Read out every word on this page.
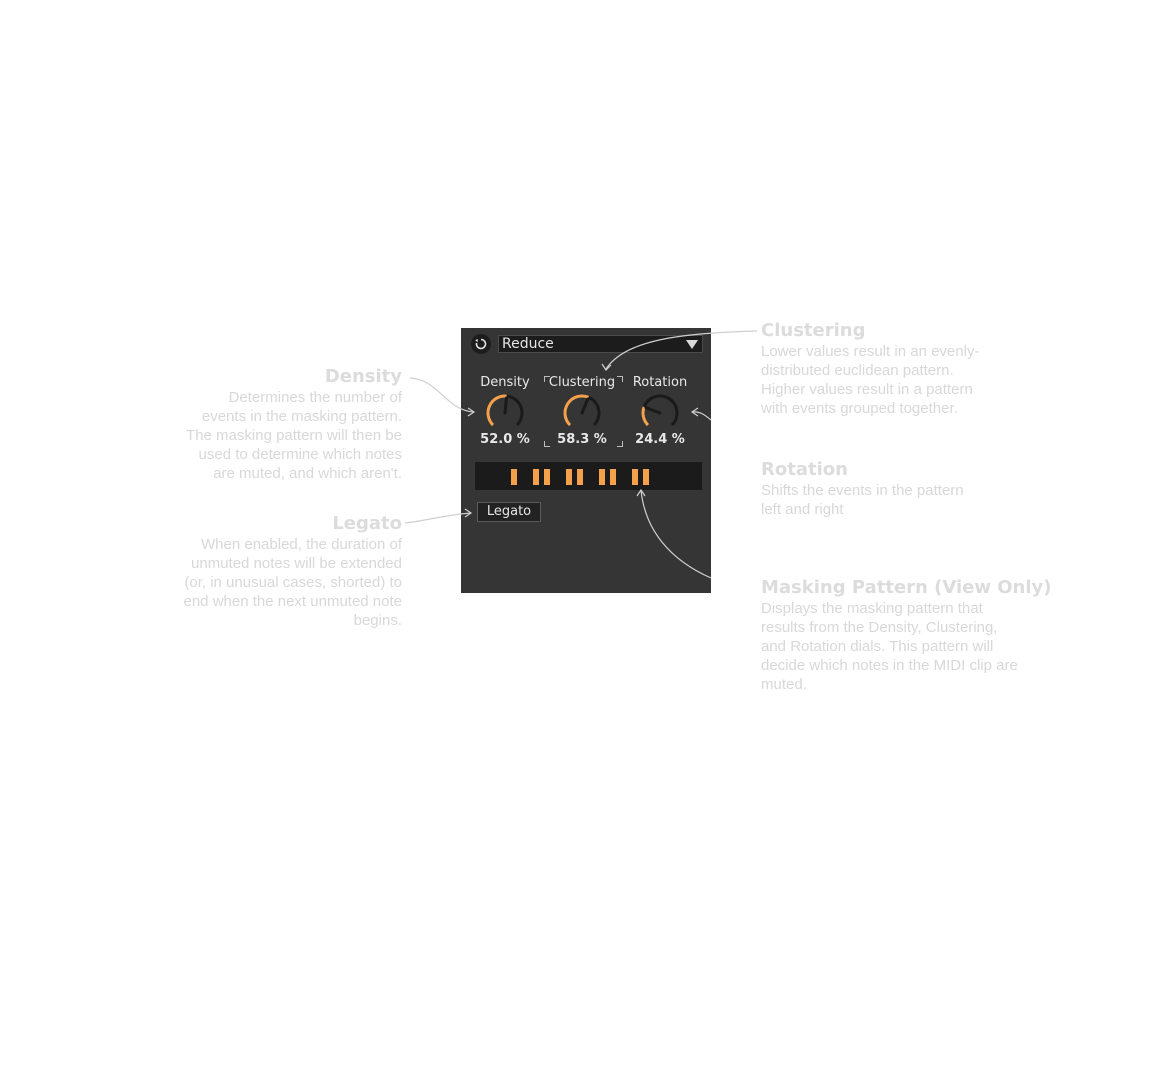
Density
Determines the number of events in the masking pattern. The masking pattern will then be used to determine which notes are muted, and which aren't.
Legato
When enabled, the duration of unmuted notes will be extended (or, in unusual cases, shorted) to end when the next unmuted note begins.
Clustering
Lower values result in an evenly-distributed euclidean pattern. Higher values result in a pattern with events grouped together.
Rotation
Shifts the events in the pattern left and right
Masking Pattern (View Only)
Displays the masking pattern that results from the Density, Clustering, and Rotation dials. This pattern will decide which notes in the MIDI clip are muted.
Reduce
Density	Clustering	Rotation
52.0 %	58.3 %	24.4 %
Legato
